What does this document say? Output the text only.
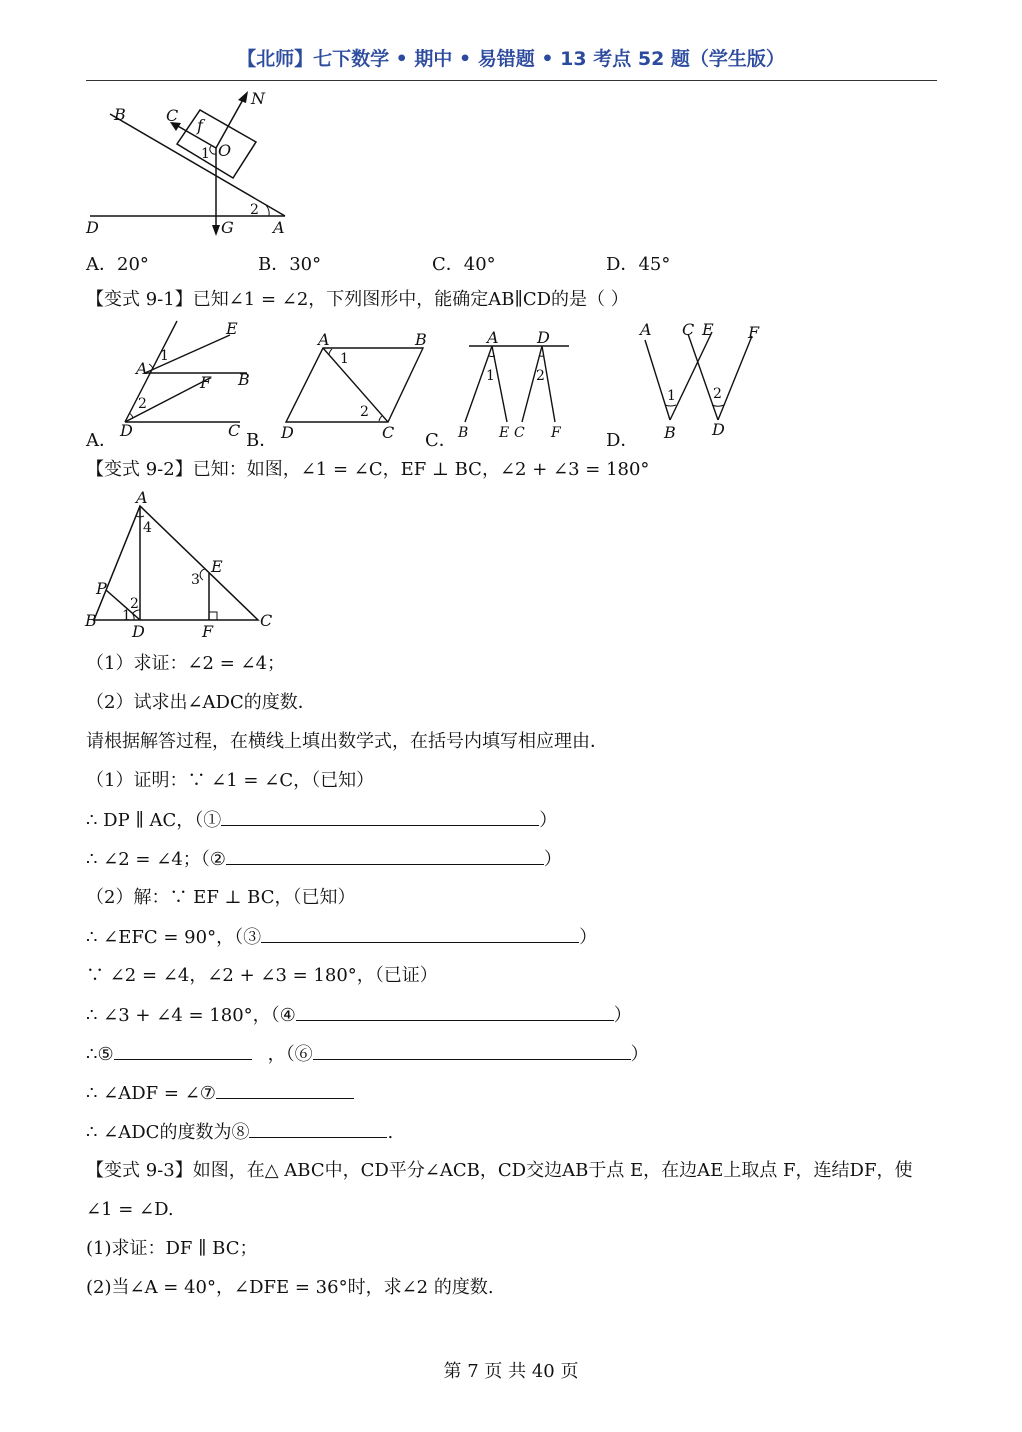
【北师】七下数学 • 期中 • 易错题 • 13 考点 52 题（学生版）
B	C
f
O
N
1
2
D	G A
A．20°	B．30°	C．40°	D．45°
【变式 9-1】已知∠1 = ∠2，下列图形中，能确定AB∥CD的是（ ）
E
1
A
B
F
2
D	C
A．
A	B
1
2
D	C
B．
A D
1	2
B E C F
C．
A C E F
1	2
B D
D．
【变式 9-2】已知：如图，∠1 = ∠C，EF ⊥ BC，∠2 + ∠3 = 180°
A
4
E
3
P
2
1
B
D	F
C
（1）求证：∠2 = ∠4；
（2）试求出∠ADC的度数．
请根据解答过程，在横线上填出数学式，在括号内填写相应理由．
（1）证明：∵ ∠1 = ∠C，（已知）
∴ DP ∥ AC，（①	）
∴ ∠2 = ∠4；（②	）
（2）解：∵ EF ⊥ BC，（已知）
∴ ∠EFC = 90°，（③	）
∵ ∠2 = ∠4，∠2 + ∠3 = 180°，（已证）
∴ ∠3 + ∠4 = 180°，（④	）
∴⑤	，（⑥	）
∴ ∠ADF = ∠⑦
∴ ∠ADC的度数为⑧	.
【变式 9-3】如图，在△ ABC中，CD平分∠ACB，CD交边AB于点 E，在边AE上取点 F，连结DF，使
∠1 = ∠D.
(1)求证：DF ∥ BC；
(2)当∠A = 40°，∠DFE = 36°时，求∠2 的度数.
第 7 页 共 40 页
